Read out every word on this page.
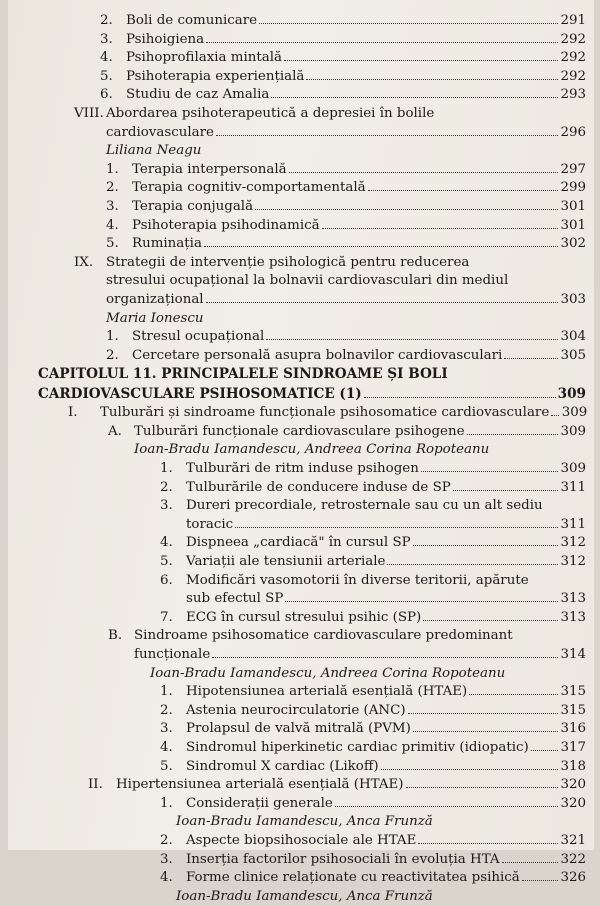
2. Boli de comunicare	291
3. Psihoigiena	292
4. Psihoprofilaxia mintală	292
5. Psihoterapia experiențială	292
6. Studiu de caz Amalia	293
VIII. Abordarea psihoterapeutică a depresiei în bolile
cardiovasculare	296
Liliana Neagu
1. Terapia interpersonală	297
2. Terapia cognitiv-comportamentală	299
3. Terapia conjugală	301
4. Psihoterapia psihodinamică	301
5. Ruminația	302
IX. Strategii de intervenție psihologică pentru reducerea
stresului ocupațional la bolnavii cardiovasculari din mediul
organizațional	303
Maria Ionescu
1. Stresul ocupațional	304
2. Cercetare personală asupra bolnavilor cardiovasculari	305
CAPITOLUL 11. PRINCIPALELE SINDROAME ȘI BOLI
CARDIOVASCULARE PSIHOSOMATICE (1)	309
I. Tulburări și sindroame funcționale psihosomatice cardiovasculare 309
A. Tulburări funcționale cardiovasculare psihogene	309
Ioan-Bradu Iamandescu, Andreea Corina Ropoteanu
1. Tulburări de ritm induse psihogen	309
2. Tulburările de conducere induse de SP	311
3. Dureri precordiale, retrosternale sau cu un alt sediu
toracic	311
4. Dispneea „cardiacă" în cursul SP	312
5. Variații ale tensiunii arteriale	312
6. Modificări vasomotorii în diverse teritorii, apărute
sub efectul SP	313
7. ECG în cursul stresului psihic (SP)	313
B. Sindroame psihosomatice cardiovasculare predominant
funcționale	314
Ioan-Bradu Iamandescu, Andreea Corina Ropoteanu
1. Hipotensiunea arterială esențială (HTAE)	315
2. Astenia neurocirculatorie (ANC)	315
3. Prolapsul de valvă mitrală (PVM)	316
4. Sindromul hiperkinetic cardiac primitiv (idiopatic) 317
5. Sindromul X cardiac (Likoff)	318
II. Hipertensiunea arterială esențială (HTAE)	320
1. Considerații generale	320
Ioan-Bradu Iamandescu, Anca Frunză
2. Aspecte biopsihosociale ale HTAE	321
3. Inserția factorilor psihosociali în evoluția HTA	322
4. Forme clinice relaționate cu reactivitatea psihică	326
Ioan-Bradu Iamandescu, Anca Frunză
